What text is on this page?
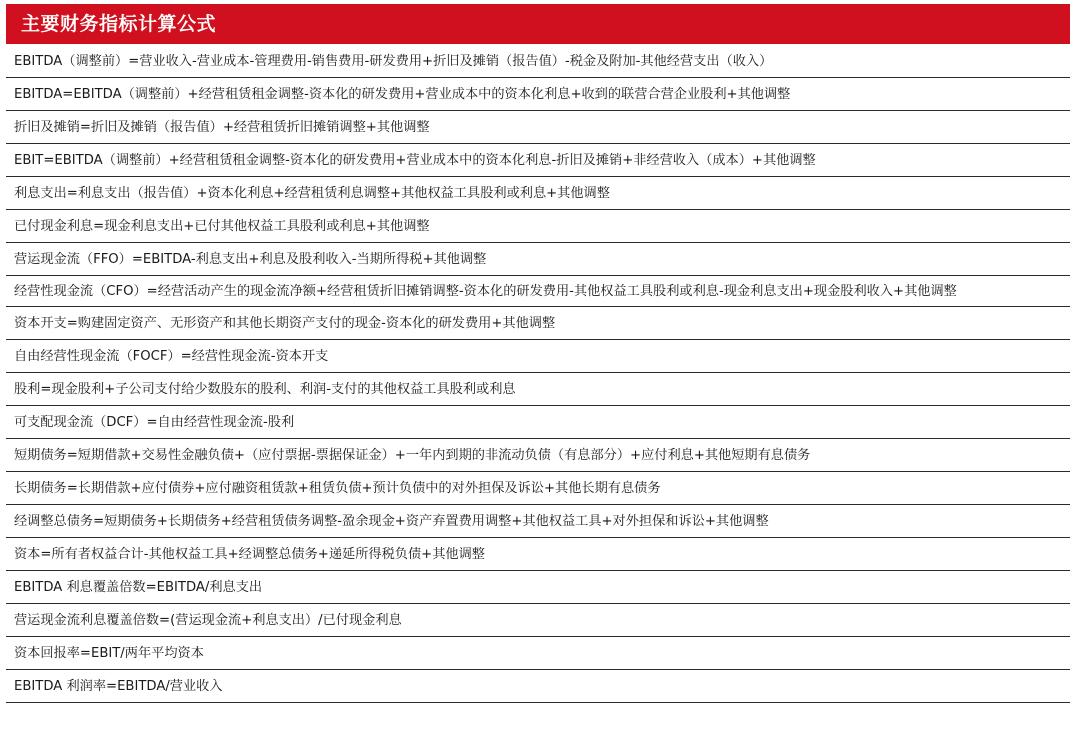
主要财务指标计算公式
EBITDA（调整前）=营业收入-营业成本-管理费用-销售费用-研发费用+折旧及摊销（报告值）-税金及附加-其他经营支出（收入）
EBITDA=EBITDA（调整前）+经营租赁租金调整-资本化的研发费用+营业成本中的资本化利息+收到的联营合营企业股利+其他调整
折旧及摊销=折旧及摊销（报告值）+经营租赁折旧摊销调整+其他调整
EBIT=EBITDA（调整前）+经营租赁租金调整-资本化的研发费用+营业成本中的资本化利息-折旧及摊销+非经营收入（成本）+其他调整
利息支出=利息支出（报告值）+资本化利息+经营租赁利息调整+其他权益工具股利或利息+其他调整
已付现金利息=现金利息支出+已付其他权益工具股利或利息+其他调整
营运现金流（FFO）=EBITDA-利息支出+利息及股利收入-当期所得税+其他调整
经营性现金流（CFO）=经营活动产生的现金流净额+经营租赁折旧摊销调整-资本化的研发费用-其他权益工具股利或利息-现金利息支出+现金股利收入+其他调整
资本开支=购建固定资产、无形资产和其他长期资产支付的现金-资本化的研发费用+其他调整
自由经营性现金流（FOCF）=经营性现金流-资本开支
股利=现金股利+子公司支付给少数股东的股利、利润-支付的其他权益工具股利或利息
可支配现金流（DCF）=自由经营性现金流-股利
短期债务=短期借款+交易性金融负债+（应付票据-票据保证金）+一年内到期的非流动负债（有息部分）+应付利息+其他短期有息债务
长期债务=长期借款+应付债券+应付融资租赁款+租赁负债+预计负债中的对外担保及诉讼+其他长期有息债务
经调整总债务=短期债务+长期债务+经营租赁债务调整-盈余现金+资产弃置费用调整+其他权益工具+对外担保和诉讼+其他调整
资本=所有者权益合计-其他权益工具+经调整总债务+递延所得税负债+其他调整
EBITDA 利息覆盖倍数=EBITDA/利息支出
营运现金流利息覆盖倍数=(营运现金流+利息支出）/已付现金利息
资本回报率=EBIT/两年平均资本
EBITDA 利润率=EBITDA/营业收入
